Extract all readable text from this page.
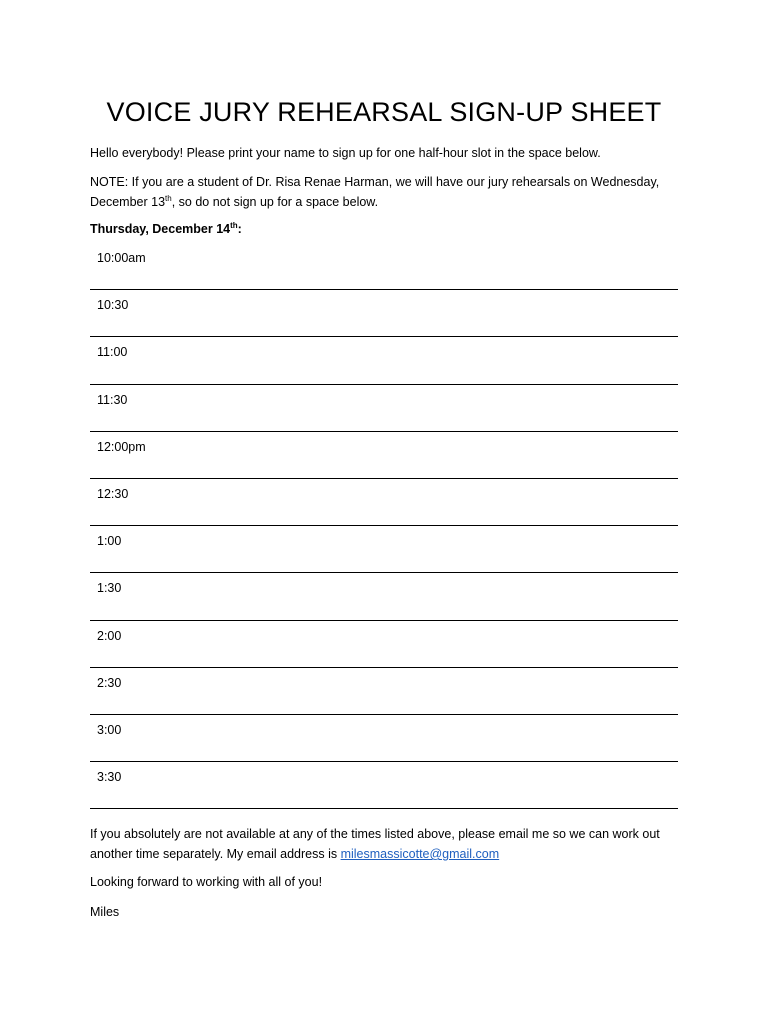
VOICE JURY REHEARSAL SIGN-UP SHEET

Hello everybody! Please print your name to sign up for one half-hour slot in the space below.

NOTE: If you are a student of Dr. Risa Renae Harman, we will have our jury rehearsals on Wednesday, December 13th, so do not sign up for a space below.

Thursday, December 14th:

10:00am
10:30
11:00
11:30
12:00pm
12:30
1:00
1:30
2:00
2:30
3:00
3:30

If you absolutely are not available at any of the times listed above, please email me so we can work out another time separately. My email address is milesmassicotte@gmail.com

Looking forward to working with all of you!

Miles
